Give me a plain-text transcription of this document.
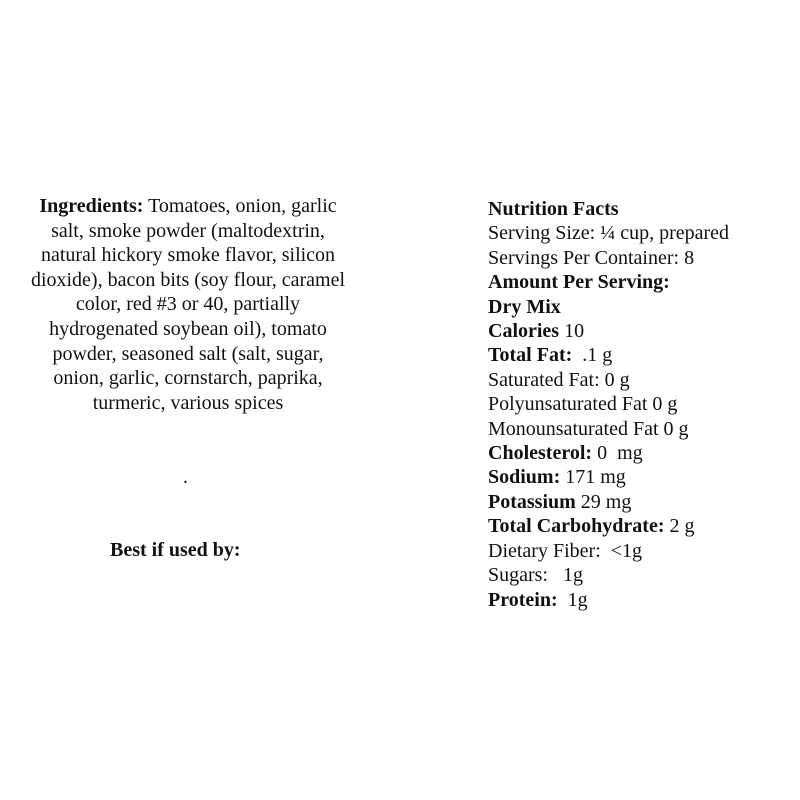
Ingredients: Tomatoes, onion, garlic salt, smoke powder (maltodextrin, natural hickory smoke flavor, silicon dioxide), bacon bits (soy flour, caramel color, red #3 or 40, partially hydrogenated soybean oil), tomato powder, seasoned salt (salt, sugar, onion, garlic, cornstarch, paprika, turmeric, various spices
.
Best if used by:
Nutrition Facts
Serving Size: ¼ cup, prepared
Servings Per Container: 8
Amount Per Serving:
Dry Mix
Calories 10
Total Fat:  .1 g
Saturated Fat: 0 g
Polyunsaturated Fat 0 g
Monounsaturated Fat 0 g
Cholesterol: 0  mg
Sodium: 171 mg
Potassium 29 mg
Total Carbohydrate: 2 g
Dietary Fiber:  <1g
Sugars:   1g
Protein:  1g
